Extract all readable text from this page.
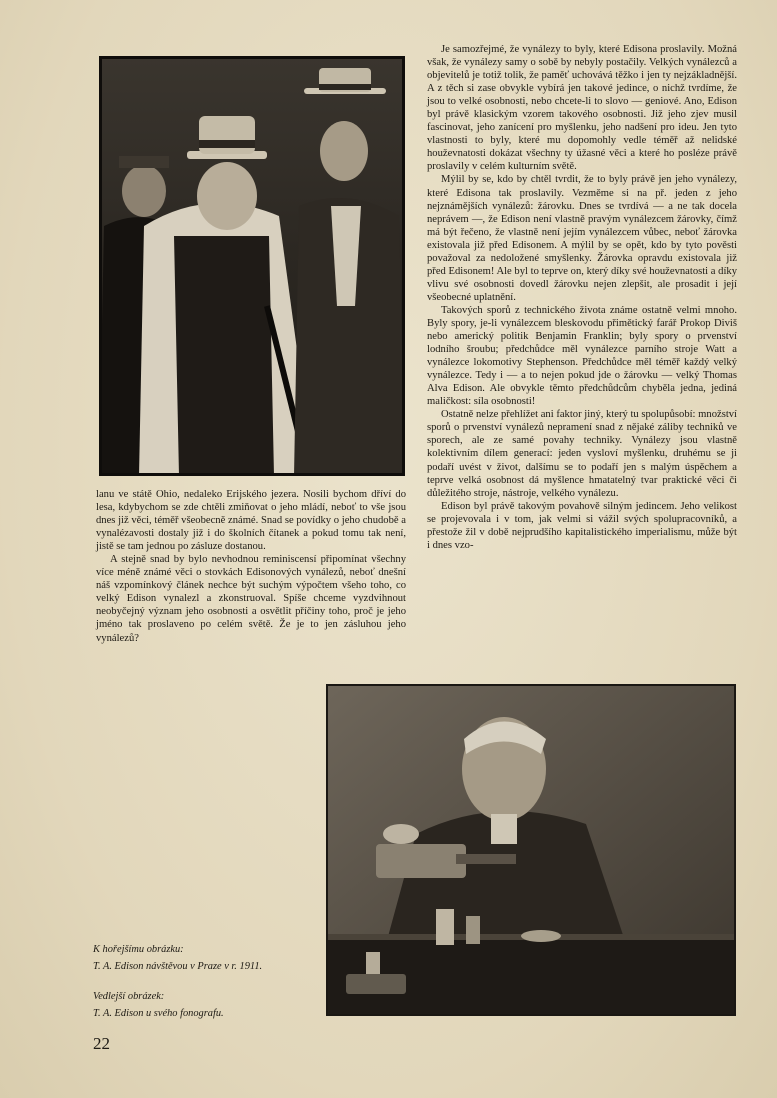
lanu ve státě Ohio, nedaleko Erijského jezera. Nosili bychom dříví do lesa, kdybychom se zde chtěli zmiňovat o jeho mládí, neboť to vše jsou dnes již věci, téměř všeobecně známé. Snad se povídky o jeho chudobě a vynalézavosti dostaly již i do školních čítanek a pokud tomu tak není, jistě se tam jednou po zásluze dostanou.

A stejně snad by bylo nevhodnou reminiscensí připomínat všechny více méně známé věci o stovkách Edisonových vynálezů, neboť dnešní náš vzpomínkový článek nechce být suchým výpočtem všeho toho, co velký Edison vynalezl a zkonstruoval. Spíše chceme vyzdvihnout neobyčejný význam jeho osobnosti a osvětlit příčiny toho, proč je jeho jméno tak proslaveno po celém světě. Že je to jen zásluhou jeho vynálezů?

Je samozřejmé, že vynálezy to byly, které Edisona proslavily. Možná však, že vynálezy samy o sobě by nebyly postačily. Velkých vynálezců a objevitelů je totiž tolik, že paměť uchovává těžko i jen ty nejzákladnější. A z těch si zase obvykle vybírá jen takové jedince, o nichž tvrdíme, že jsou to velké osobnosti, nebo chcete-li to slovo — geniové. Ano, Edison byl právě klasickým vzorem takového osobnosti. Již jeho zjev musil fascinovat, jeho zanícení pro myšlenku, jeho nadšení pro ideu. Jen tyto vlastnosti to byly, které mu dopomohly vedle téměř až nelidské houževnatosti dokázat všechny ty úžasné věci a které ho posléze právě proslavily v celém kulturním světě.

Mýlil by se, kdo by chtěl tvrdit, že to byly právě jen jeho vynálezy, které Edisona tak proslavily. Vezměme si na př. jeden z jeho nejznámějších vynálezů: žárovku. Dnes se tvrdívá — a ne tak docela neprávem —, že Edison není vlastně pravým vynálezcem žárovky, čímž má být řečeno, že vlastně není jejím vynálezcem vůbec, neboť žárovka existovala již před Edisonem. A mýlil by se opět, kdo by tyto pověsti považoval za nedoložené smyšlenky. Žárovka opravdu existovala již před Edisonem! Ale byl to teprve on, který díky své houževnatosti a díky vlivu své osobnosti dovedl žárovku nejen zlepšit, ale prosadit i její všeobecné uplatnění.

Takových sporů z technického života známe ostatně velmi mnoho. Byly spory, je-li vynálezcem bleskovodu přimětický farář Prokop Diviš nebo americký politik Benjamin Franklin; byly spory o prvenství lodního šroubu; předchůdce měl vynálezce parního stroje Watt a vynálezce lokomotivy Stephenson. Předchůdce měl téměř každý velký vynálezce. Tedy i — a to nejen pokud jde o žárovku — velký Thomas Alva Edison. Ale obvykle těmto předchůdcům chyběla jedna, jediná maličkost: síla osobnosti!

Ostatně nelze přehlížet ani faktor jiný, který tu spolupůsobí: množství sporů o prvenství vynálezů nepramení snad z nějaké záliby techniků ve sporech, ale ze samé povahy techniky. Vynálezy jsou vlastně kolektivním dílem generací: jeden vysloví myšlenku, druhému se ji podaří uvést v život, dalšímu se to podaří jen s malým úspěchem a teprve velká osobnost dá myšlence hmatatelný tvar praktické věci či důležitého stroje, nástroje, velkého vynálezu.

Edison byl právě takovým povahově silným jedincem. Jeho velikost se projevovala i v tom, jak velmi si vážil svých spolupracovníků, a přestože žil v době nejprudšího kapitalistického imperialismu, může být i dnes vzo-

K hořejšímu obrázku:
T. A. Edison návštěvou v Praze v r. 1911.
Vedlejší obrázek:
T. A. Edison u svého fonografu.
22
